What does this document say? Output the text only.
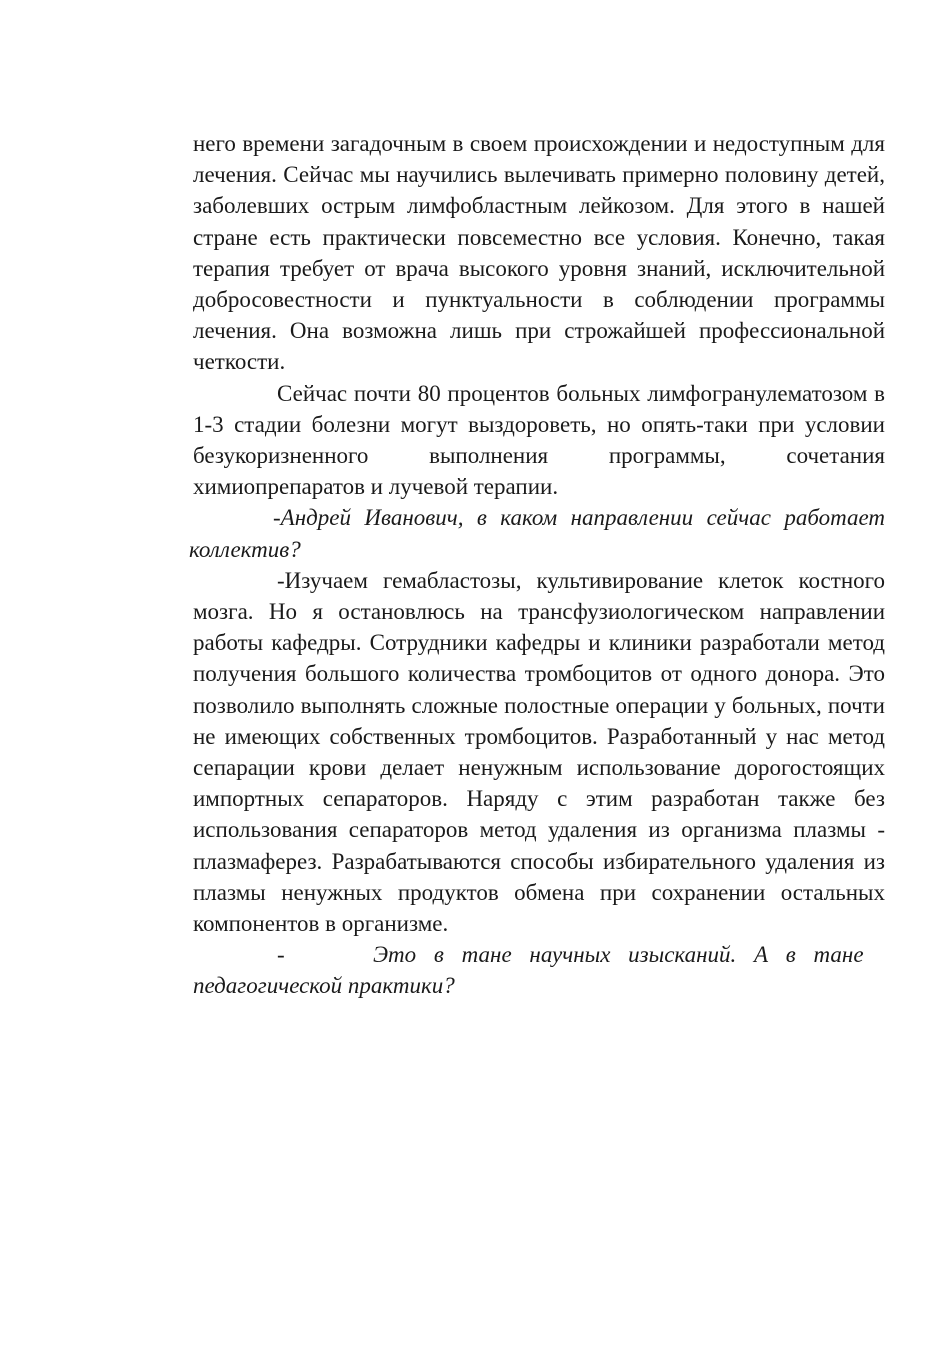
него времени загадочным в своем происхождении и недоступным для лечения. Сейчас мы научились вылечивать примерно половину детей, заболевших острым лимфобластным лейкозом. Для этого в нашей стране есть практически повсеместно все условия. Конечно, такая терапия требует от врача высокого уровня знаний, исключительной добросовестности и пунктуальности в соблюдении программы лечения. Она возможна лишь при строжайшей профессиональной четкости.

Сейчас почти 80 процентов больных лимфогранулематозом в 1-3 стадии болезни могут выздороветь, но опять-таки при условии безукоризненного выполнения программы, сочетания химиопрепаратов и лучевой терапии.

-Андрей Иванович, в каком направлении сейчас работает коллектив?

-Изучаем гемабластозы, культивирование клеток костного мозга. Но я остановлюсь на трансфузиологическом направлении работы кафедры. Сотрудники кафедры и клиники разработали метод получения большого количества тромбоцитов от одного донора. Это позволило выполнять сложные полостные операции у больных, почти не имеющих собственных тромбоцитов. Разработанный у нас метод сепарации крови делает ненужным использование дорогостоящих импортных сепараторов. Наряду с этим разработан также без использования сепараторов метод удаления из организма плазмы - плазмаферез. Разрабатываются способы избирательного удаления из плазмы ненужных продуктов обмена при сохранении остальных компонентов в организме.

-	Это в тане научных изысканий. А в тане
педагогической практики?
